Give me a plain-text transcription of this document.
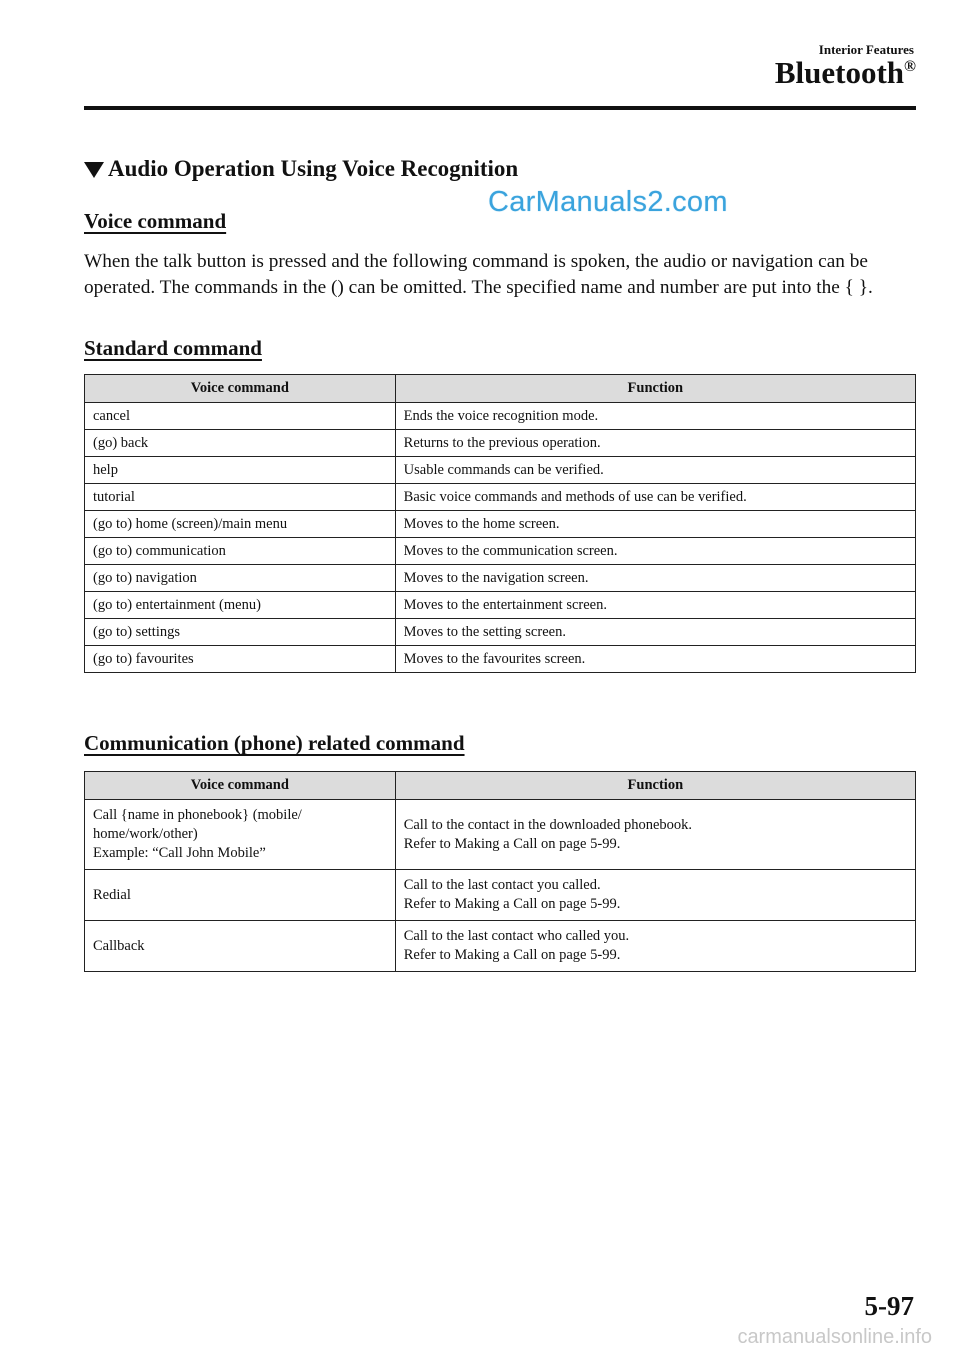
Interior Features
Bluetooth®
Audio Operation Using Voice Recognition
CarManuals2.com
Voice command
When the talk button is pressed and the following command is spoken, the audio or navigation can be operated. The commands in the () can be omitted. The specified name and number are put into the { }.
Standard command
Voice command	Function
cancel	Ends the voice recognition mode.
(go) back	Returns to the previous operation.
help	Usable commands can be verified.
tutorial	Basic voice commands and methods of use can be verified.
(go to) home (screen)/main menu	Moves to the home screen.
(go to) communication	Moves to the communication screen.
(go to) navigation	Moves to the navigation screen.
(go to) entertainment (menu)	Moves to the entertainment screen.
(go to) settings	Moves to the setting screen.
(go to) favourites	Moves to the favourites screen.
Communication (phone) related command
Voice command	Function
Call {name in phonebook} (mobile/
home/work/other)
Example: “Call John Mobile”	Call to the contact in the downloaded phonebook.
Refer to Making a Call on page 5-99.
Redial	Call to the last contact you called.
Refer to Making a Call on page 5-99.
Callback	Call to the last contact who called you.
Refer to Making a Call on page 5-99.
5-97
carmanualsonline.info
